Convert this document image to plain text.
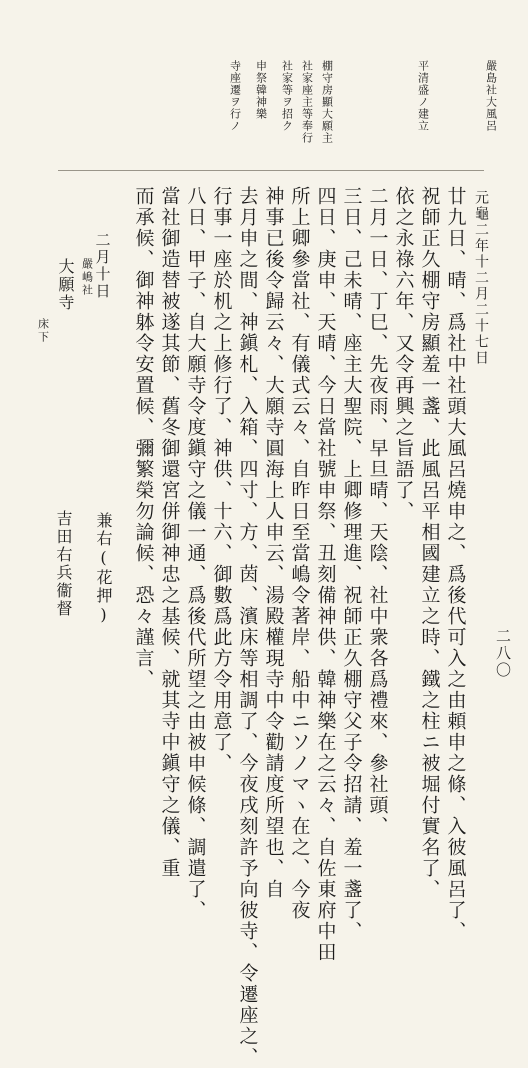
二八〇
嚴島社大風呂
平清盛ノ建立
棚守房顯大願主
社家座主等奉行
社家等ヲ招ク
申祭韓神樂
寺座遷ヲ行ノ
元龜二年十二月二十七日
廿九日、晴、爲社中社頭大風呂燒申之、爲後代可入之由頼申之條、入彼風呂了、
祝師正久棚守房顯羞一盞、此風呂平相國建立之時、鐵之柱ニ被堀付實名了、
依之永祿六年、又令再興之旨語了、
二月一日、丁巳、先夜雨、早旦晴、天陰、社中衆各爲禮來、參社頭、
三日、己未晴、座主大聖院、上卿修理進、祝師正久棚守父子令招請、羞一盞了、
四日、庚申、天晴、今日當社號申祭、丑刻備神供、韓神樂在之云々、自佐東府中田
所上卿參當社、有儀式云々、自昨日至當嶋令著岸、船中ニソノマヽ在之、今夜
神事已後令歸云々、大願寺圓海上人申云、湯殿權現寺中令勸請度所望也、自
去月申之間、神鎭札、入箱、四寸、方、茵、濱床等相調了、今夜戌刻許予向彼寺、令遷座之、
行事一座於机之上修行了、神供、十六、御數爲此方令用意了、
八日、甲子、自大願寺令度鎭守之儀一通、爲後代所望之由被申候條、調遣了、
當社御造替被遂其節、舊冬御還宮併御神忠之基候、就其寺中鎭守之儀、重
而承候、御神躰令安置候、彌繁榮勿論候、恐々謹言、
二月十日
嚴嶋社
大願寺
床下
兼右(花押)
吉田右兵衞督
